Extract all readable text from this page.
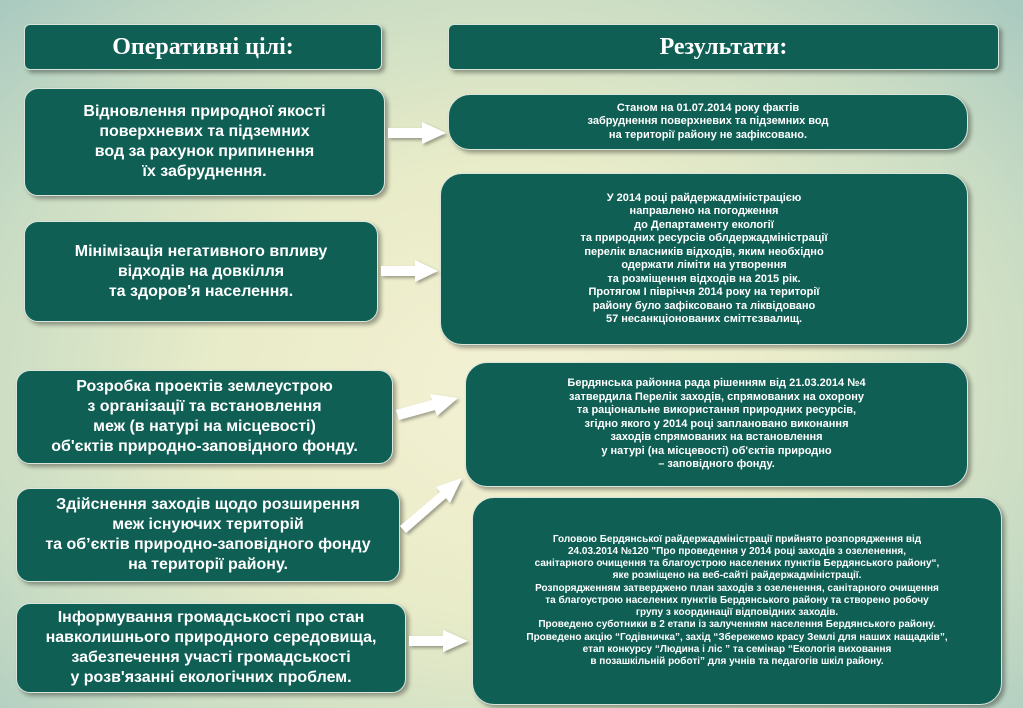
Оперативні цілі:	Результати:
Відновлення природної якості
поверхневих та підземних
вод за рахунок припинення
їх забруднення.
Мінімізація негативного впливу
відходів на довкілля
та здоров'я населення.
Розробка проектів землеустрою
з організації та встановлення
меж (в натурі на місцевості)
об'єктів природно-заповідного фонду.
Здійснення заходів щодо розширення
меж існуючих територій
та об’єктів природно-заповідного фонду
на території району.
Інформування громадськості про стан
навколишнього природного середовища,
забезпечення участі громадськості
у розв'язанні екологічних проблем.
Станом на 01.07.2014 року фактів
забруднення поверхневих та підземних вод
на території району не зафіксовано.
У 2014 році райдержадміністрацією
направлено на погодження
до Департаменту екології
та природних ресурсів облдержадміністрації
перелік власників відходів, яким необхідно
одержати ліміти на утворення
та розміщення відходів на 2015 рік.
Протягом І півріччя 2014 року на території
району було зафіксовано та ліквідовано
57 несанкціонованих сміттєзвалищ.
Бердянська районна рада рішенням від 21.03.2014 №4
затвердила Перелік заходів, спрямованих на охорону
та раціональне використання природних ресурсів,
згідно якого у 2014 році заплановано виконання
заходів спрямованих на встановлення
у натурі (на місцевості) об'єктів природно
– заповідного фонду.
Головою Бердянської райдержадміністрації прийнято розпорядження від
24.03.2014 №120 "Про проведення у 2014 році заходів з озеленення,
санітарного очищення та благоустрою населених пунктів Бердянського району“,
яке розміщено на веб-сайті райдержадміністрації.
Розпорядженням затверджено план заходів з озеленення, санітарного очищення
та благоустрою населених пунктів Бердянського району та створено робочу
групу з координації відповідних заходів.
Проведено суботники в 2 етапи із залученням населення Бердянського району.
Проведено акцію “Годівничка”, захід “Збережемо красу Землі для наших нащадків”,
етап конкурсу “Людина і ліс ” та семінар “Екологія виховання
в позашкільній роботі” для учнів та педагогів шкіл району.
